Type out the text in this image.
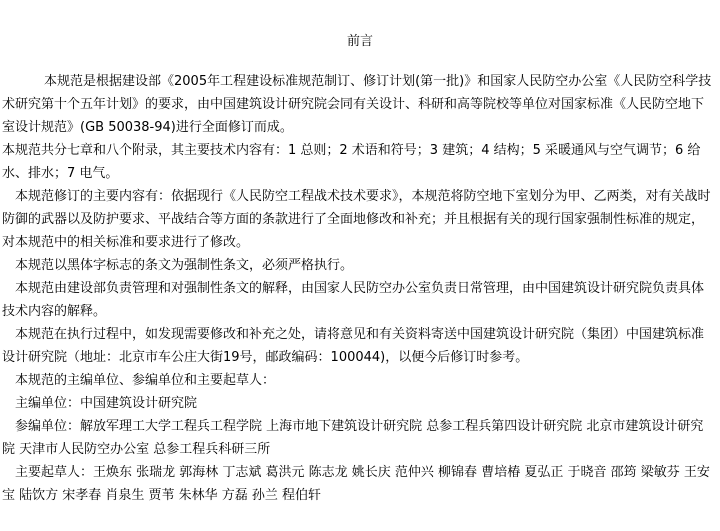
前言

本规范是根据建设部《2005年工程建设标准规范制订、修订计划(第一批)》和国家人民防空办公室《人民防空科学技术研究第十个五年计划》的要求，由中国建筑设计研究院会同有关设计、科研和高等院校等单位对国家标准《人民防空地下室设计规范》(GB 50038-94)进行全面修订而成。

本规范共分七章和八个附录，其主要技术内容有：1 总则；2 术语和符号；3 建筑；4 结构；5 采暖通风与空气调节；6 给水、排水；7 电气。

本规范修订的主要内容有：依据现行《人民防空工程战术技术要求》，本规范将防空地下室划分为甲、乙两类，对有关战时防御的武器以及防护要求、平战结合等方面的条款进行了全面地修改和补充；并且根据有关的现行国家强制性标准的规定，对本规范中的相关标准和要求进行了修改。

本规范以黑体字标志的条文为强制性条文，必须严格执行。

本规范由建设部负责管理和对强制性条文的解释，由国家人民防空办公室负责日常管理，由中国建筑设计研究院负责具体技术内容的解释。

本规范在执行过程中，如发现需要修改和补充之处，请将意见和有关资料寄送中国建筑设计研究院（集团）中国建筑标准设计研究院（地址：北京市车公庄大街19号，邮政编码：100044)，以便今后修订时参考。

本规范的主编单位、参编单位和主要起草人：

主编单位：中国建筑设计研究院

参编单位：解放军理工大学工程兵工程学院 上海市地下建筑设计研究院 总参工程兵第四设计研究院 北京市建筑设计研究院 天津市人民防空办公室 总参工程兵科研三所

主要起草人：王焕东 张瑞龙 郭海林 丁志斌 葛洪元 陈志龙 姚长庆 范仲兴 柳锦春 曹培椿 夏弘正 于晓音 邵筠 梁敏芬 王安宝 陆饮方 宋孝春 肖泉生 贾苇 朱林华 方磊 孙兰 程伯轩
